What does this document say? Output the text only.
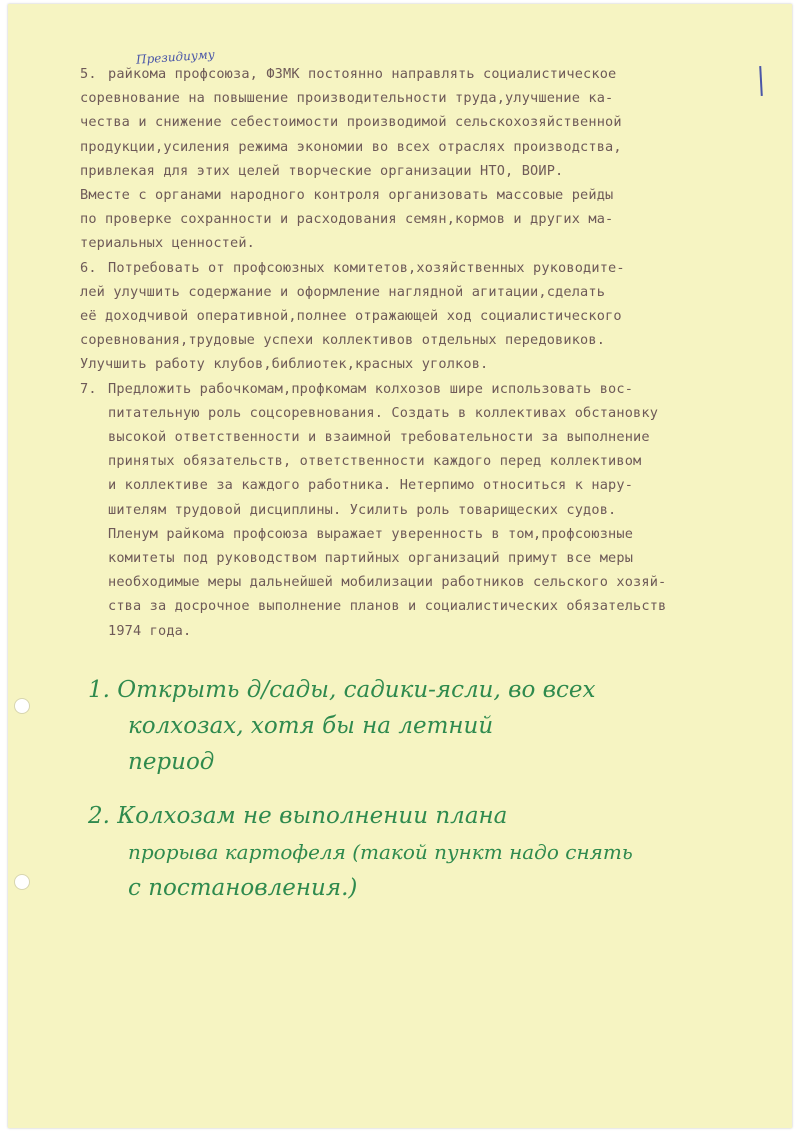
Президиуму
5. райкома профсоюза, ФЗМК постоянно направлять социалистическое
соревнование на повышение производительности труда,улучшение ка-
чества и снижение себестоимости производимой сельскохозяйственной
продукции,усиления режима экономии во всех отраслях производства,
привлекая для этих целей творческие организации НТО, ВОИР.
Вместе с органами народного контроля организовать массовые рейды
по проверке сохранности и расходования семян,кормов и других ма-
териальных ценностей.
6. Потребовать от профсоюзных комитетов,хозяйственных руководите-
лей улучшить содержание и оформление наглядной агитации,сделать
её доходчивой оперативной,полнее отражающей ход социалистического
соревнования,трудовые успехи коллективов отдельных передовиков.
Улучшить работу клубов,библиотек,красных уголков.
7. Предложить рабочкомам,профкомам колхозов шире использовать вос-
питательную роль соцсоревнования. Создать в коллективах обстановку
высокой ответственности и взаимной требовательности за выполнение
принятых обязательств, ответственности каждого перед коллективом
и коллективе за каждого работника. Нетерпимо относиться к нару-
шителям трудовой дисциплины. Усилить роль товарищеских судов.
Пленум райкома профсоюза выражает уверенность в том,профсоюзные
комитеты под руководством партийных организаций примут все меры
необходимые меры дальнейшей мобилизации работников сельского хозяй-
ства за досрочное выполнение планов и социалистических обязательств
1974 года.
1. Открыть д/сады, садики-ясли, во всех
колхозах, хотя бы на летний
период
2. Колхозам не выполнении плана
прорыва картофеля (такой пункт надо снять
с постановления.)
